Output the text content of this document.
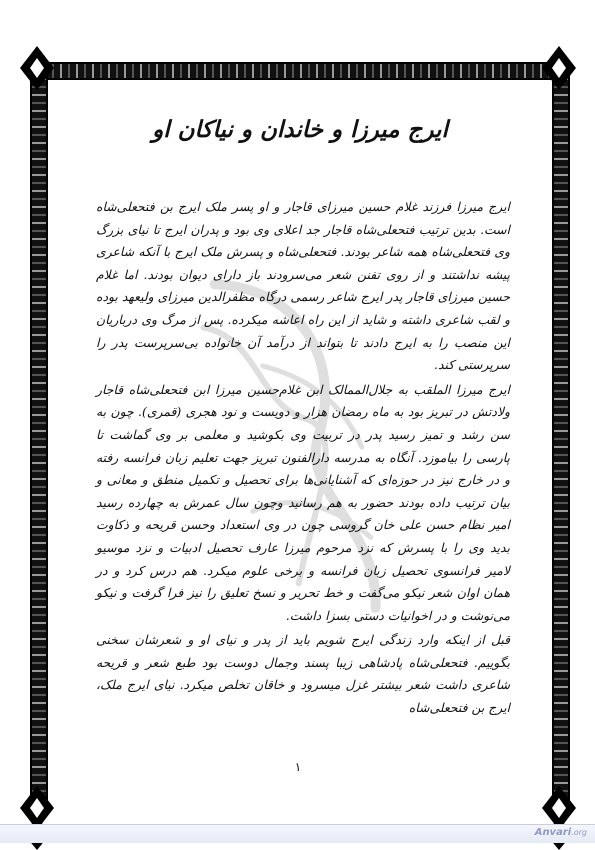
ایرج میرزا و خاندان و نیاکان او

ایرج میرزا فرزند غلام حسین میرزای قاجار و او پسر ملک ایرج بن فتحعلی‌شاه است. بدین ترتیب فتحعلی‌شاه قاجار جد اعلای وی بود و پدران ایرج تا نیای بزرگ وی فتحعلی‌شاه همه شاعر بودند. فتحعلی‌شاه و پسرش ملک ایرج با آنکه شاعری پیشه نداشتند و از روی تفنن شعر می‌سرودند باز دارای دیوان بودند. اما غلام حسین میرزای قاجار پدر ایرج شاعر رسمی درگاه مظفرالدین میرزای ولیعهد بوده و لقب شاعری داشته و شاید از این راه اعاشه میکرده. پس از مرگ وی درباریان این منصب را به ایرج دادند تا بتواند از درآمد آن خانواده بی‌سرپرست پدر را سرپرستی کند.

ایرج میرزا الملقب به جلال‌الممالک ابن غلام‌حسین میرزا ابن فتحعلی‌شاه قاجار ولادتش در تبریز بود به ماه رمضان هزار و دویست و نود هجری (قمری). چون به سن رشد و تمیز رسید پدر در تربیت وی بکوشید و معلمی بر وی گماشت تا پارسی را بیاموزد. آنگاه به مدرسه دارالفنون تبریز جهت تعلیم زبان فرانسه رفته و در خارج نیز در حوزه‌ای که آشنایانی‌ها برای تحصیل و تکمیل منطق و معانی و بیان ترتیب داده بودند حضور به هم رسانید وچون سال عمرش به چهارده رسید امیر نظام حسن علی خان گروسی چون در وی استعداد وحسن قریحه و ذکاوت بدید وی را با پسرش که نزد مرحوم میرزا عارف تحصیل ادبیات و نزد موسیو لامیر فرانسوی تحصیل زبان فرانسه و برخی علوم میکرد. هم درس کرد و در همان اوان شعر نیکو می‌گفت و خط تحریر و نسخ تعلیق را نیز فرا گرفت و نیکو می‌نوشت و در اخوانیات دستی بسزا داشت.

قبل از اینکه وارد زندگی ایرج شویم باید از پدر و نیای او و شعرشان سخنی بگوییم. فتحعلی‌شاه پادشاهی زیبا پسند وجمال دوست بود طبع شعر و قریحه شاعری داشت شعر بیشتر غزل میسرود و خاقان تخلص میکرد. نیای ایرج ملک، ایرج بن فتحعلی‌شاه

١
Anvari.org
